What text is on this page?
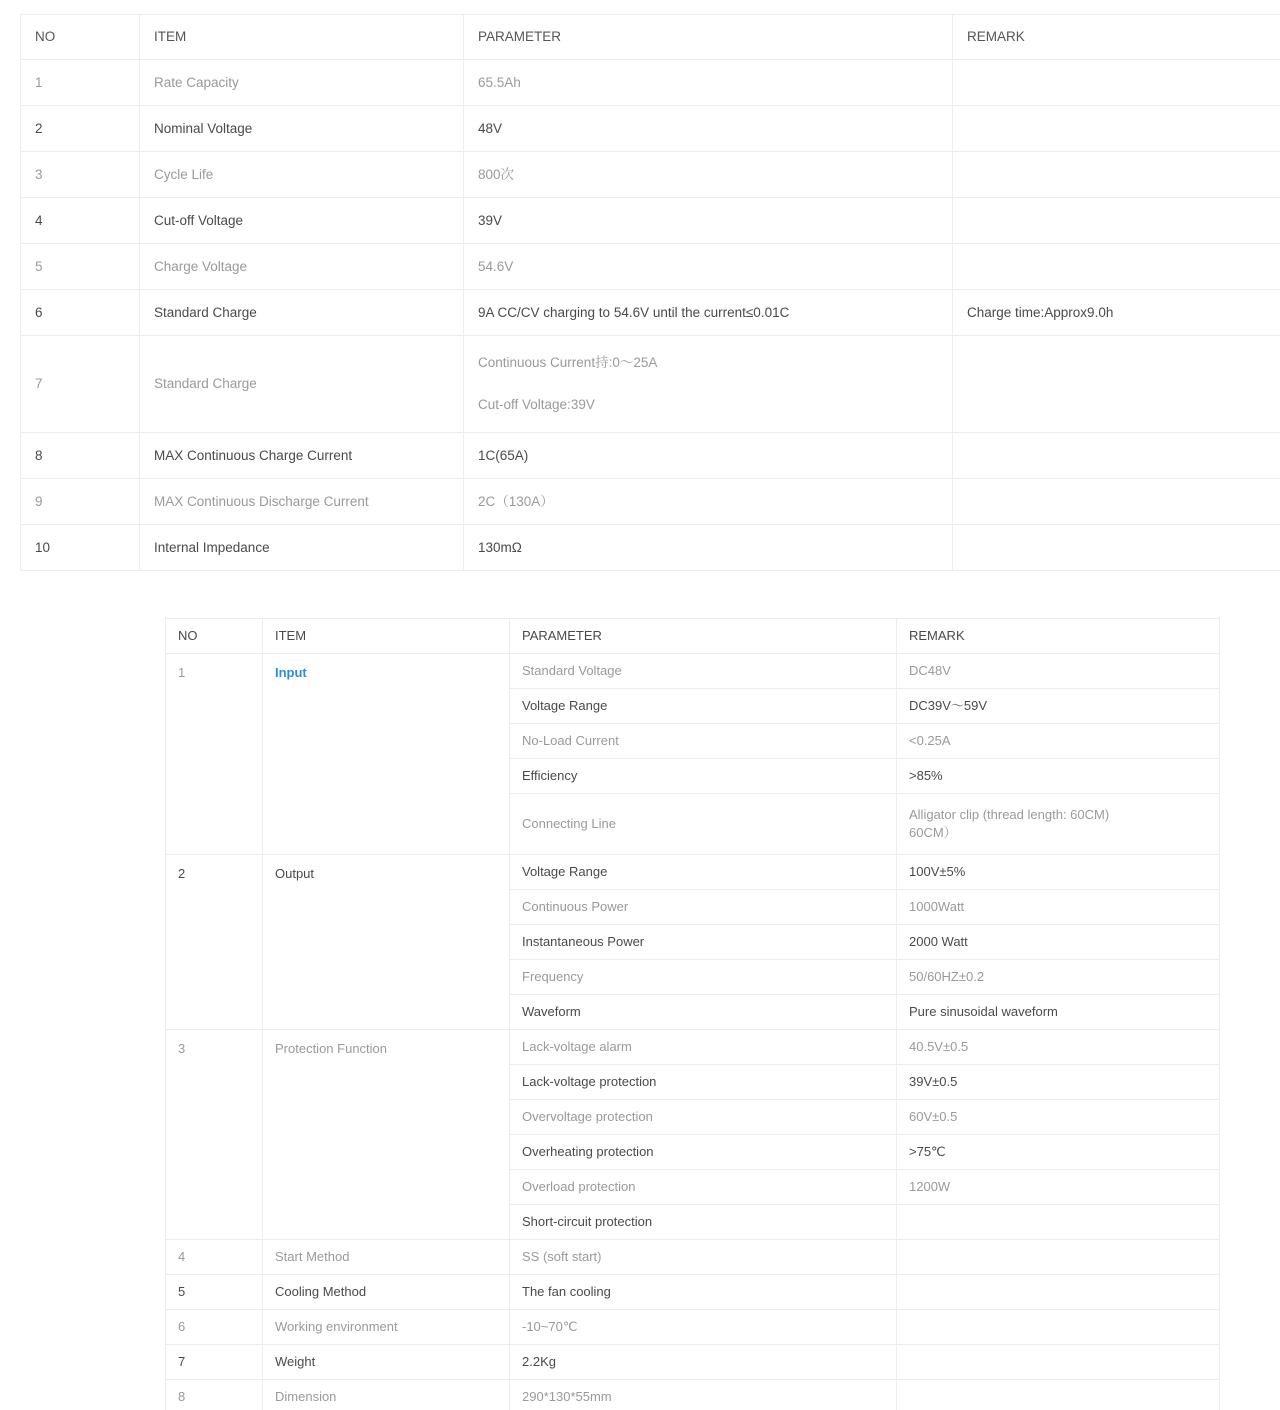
NO	ITEM	PARAMETER	REMARK
1	Rate Capacity	65.5Ah	
2	Nominal Voltage	48V	
3	Cycle Life	800次	
4	Cut-off Voltage	39V	
5	Charge Voltage	54.6V	
6	Standard Charge	9A CC/CV charging to 54.6V until the current≤0.01C	Charge time:Approx9.0h
7	Standard Charge	Continuous Current持:0～25A
Cut-off Voltage:39V	

8	MAX Continuous Charge Current	1C(65A)	
9	MAX Continuous Discharge Current	2C（130A）	
10	Internal Impedance	130mΩ	
NO	ITEM	PARAMETER	REMARK
1	Input	Standard Voltage	DC48V
		Voltage Range	DC39V～59V
		No-Load Current	<0.25A
		Efficiency	>85%
		Connecting Line	Alligator clip (thread length: 60CM)
60CM）

2	Output	Voltage Range	100V±5%
		Continuous Power	1000Watt
		Instantaneous Power	2000 Watt
		Frequency	50/60HZ±0.2
		Waveform	Pure sinusoidal waveform
3	Protection Function	Lack-voltage alarm	40.5V±0.5
		Lack-voltage protection	39V±0.5
		Overvoltage protection	60V±0.5
		Overheating protection	>75℃
		Overload protection	1200W
		Short-circuit protection	
4	Start Method	SS (soft start)	
5	Cooling Method	The fan cooling	
6	Working environment	-10~70℃	
7	Weight	2.2Kg	
8	Dimension	290*130*55mm	
